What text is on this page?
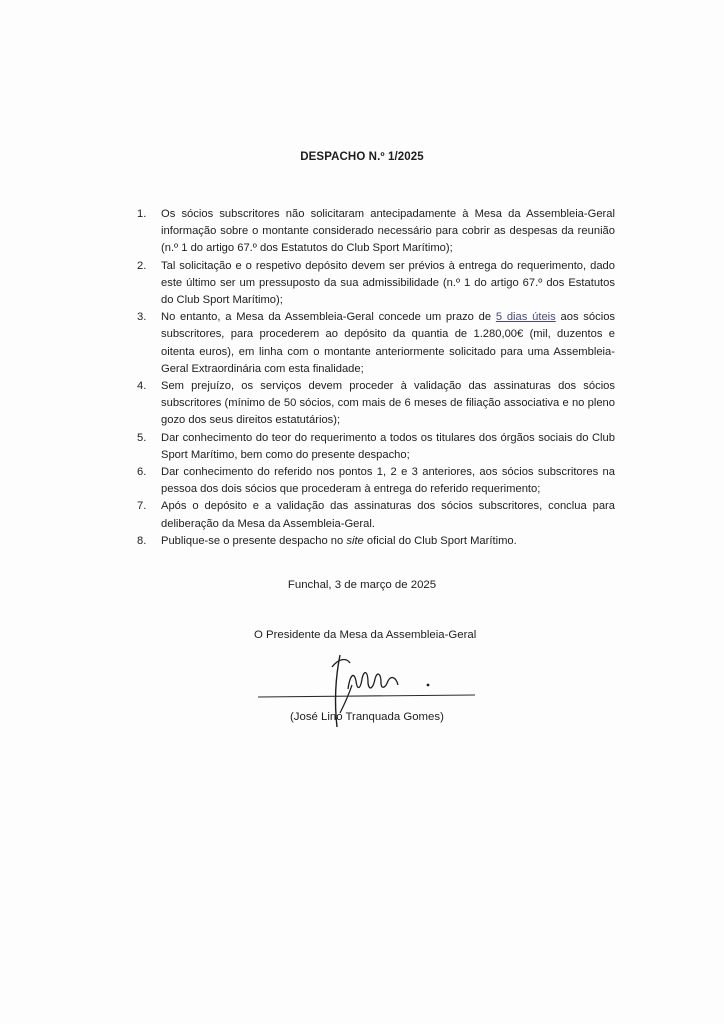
DESPACHO N.º 1/2025
1.	Os sócios subscritores não solicitaram antecipadamente à Mesa da Assembleia-Geral informação sobre o montante considerado necessário para cobrir as despesas da reunião (n.º 1 do artigo 67.º dos Estatutos do Club Sport Marítimo);
2.	Tal solicitação e o respetivo depósito devem ser prévios à entrega do requerimento, dado este último ser um pressuposto da sua admissibilidade (n.º 1 do artigo 67.º dos Estatutos do Club Sport Marítimo);
3.	No entanto, a Mesa da Assembleia-Geral concede um prazo de 5 dias úteis aos sócios subscritores, para procederem ao depósito da quantia de 1.280,00€ (mil, duzentos e oitenta euros), em linha com o montante anteriormente solicitado para uma Assembleia-Geral Extraordinária com esta finalidade;
4.	Sem prejuízo, os serviços devem proceder à validação das assinaturas dos sócios subscritores (mínimo de 50 sócios, com mais de 6 meses de filiação associativa e no pleno gozo dos seus direitos estatutários);
5.	Dar conhecimento do teor do requerimento a todos os titulares dos órgãos sociais do Club Sport Marítimo, bem como do presente despacho;
6.	Dar conhecimento do referido nos pontos 1, 2 e 3 anteriores, aos sócios subscritores na pessoa dos dois sócios que procederam à entrega do referido requerimento;
7.	Após o depósito e a validação das assinaturas dos sócios subscritores, conclua para deliberação da Mesa da Assembleia-Geral.
8.	Publique-se o presente despacho no site oficial do Club Sport Marítimo.
Funchal, 3 de março de 2025
O Presidente da Mesa da Assembleia-Geral
(José Lino Tranquada Gomes)
